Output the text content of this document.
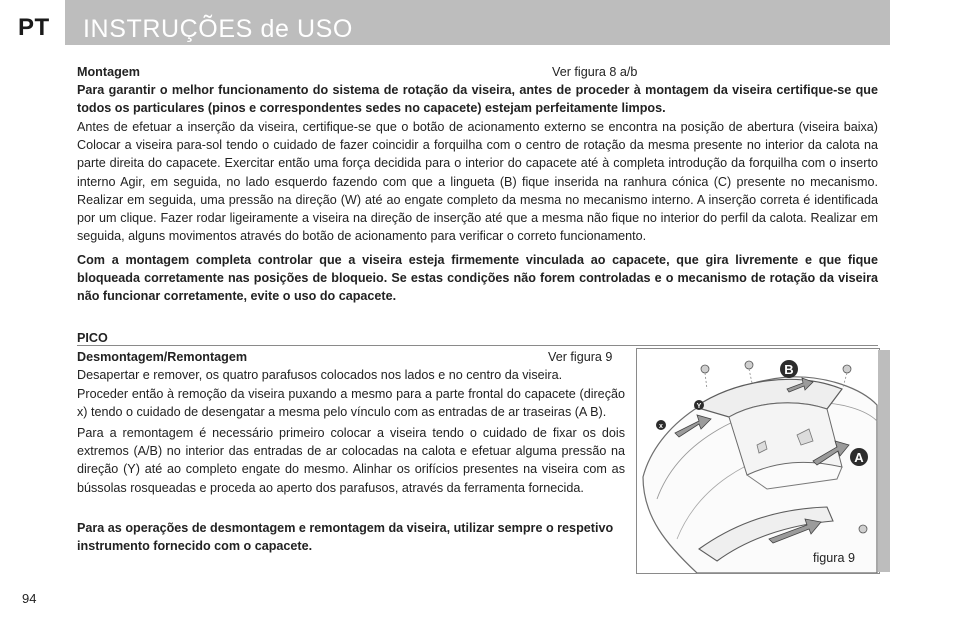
PT INSTRUÇÕES de USO
Montagem	Ver figura 8 a/b
Para garantir o melhor funcionamento do sistema de rotação da viseira, antes de proceder à montagem da viseira certifique-se que todos os particulares (pinos e correspondentes sedes no capacete) estejam perfeitamente limpos.
Antes de efetuar a inserção da viseira, certifique-se que o botão de acionamento externo se encontra na posição de abertura (viseira baixa) Colocar a viseira para-sol tendo o cuidado de fazer coincidir a forquilha com o centro de rotação da mesma presente no interior da calota na parte direita do capacete. Exercitar então uma força decidida para o interior do capacete até à completa introdução da forquilha com o inserto interno Agir, em seguida, no lado esquerdo fazendo com que a lingueta (B) fique inserida na ranhura cónica (C) presente no mecanismo. Realizar em seguida, uma pressão na direção (W) até ao engate completo da mesma no mecanismo interno. A inserção correta é identificada por um clique. Fazer rodar ligeiramente a viseira na direção de inserção até que a mesma não fique no interior do perfil da calota. Realizar em seguida, alguns movimentos através do botão de acionamento para verificar o correto funcionamento.
Com a montagem completa controlar que a viseira esteja firmemente vinculada ao capacete, que gira livremente e que fique bloqueada corretamente nas posições de bloqueio. Se estas condições não forem controladas e o mecanismo de rotação da viseira não funcionar corretamente, evite o uso do capacete.
PICO
Desmontagem/Remontagem	Ver figura 9
Desapertar e remover, os quatro parafusos colocados nos lados e no centro da viseira.
Proceder então à remoção da viseira puxando a mesmo para a parte frontal do capacete (direção x) tendo o cuidado de desengatar a mesma pelo vínculo com as entradas de ar traseiras (A B).
Para a remontagem é necessário primeiro colocar a viseira tendo o cuidado de fixar os dois extremos (A/B) no interior das entradas de ar colocadas na calota e efetuar alguma pressão na direção (Y) até ao completo engate do mesmo. Alinhar os orifícios presentes na viseira com as bússolas rosqueadas e proceda ao aperto dos parafusos, através da ferramenta fornecida.
Para as operações de desmontagem e remontagem da viseira, utilizar sempre o respetivo instrumento fornecido com o capacete.
B
A
x
Y
figura 9
94
